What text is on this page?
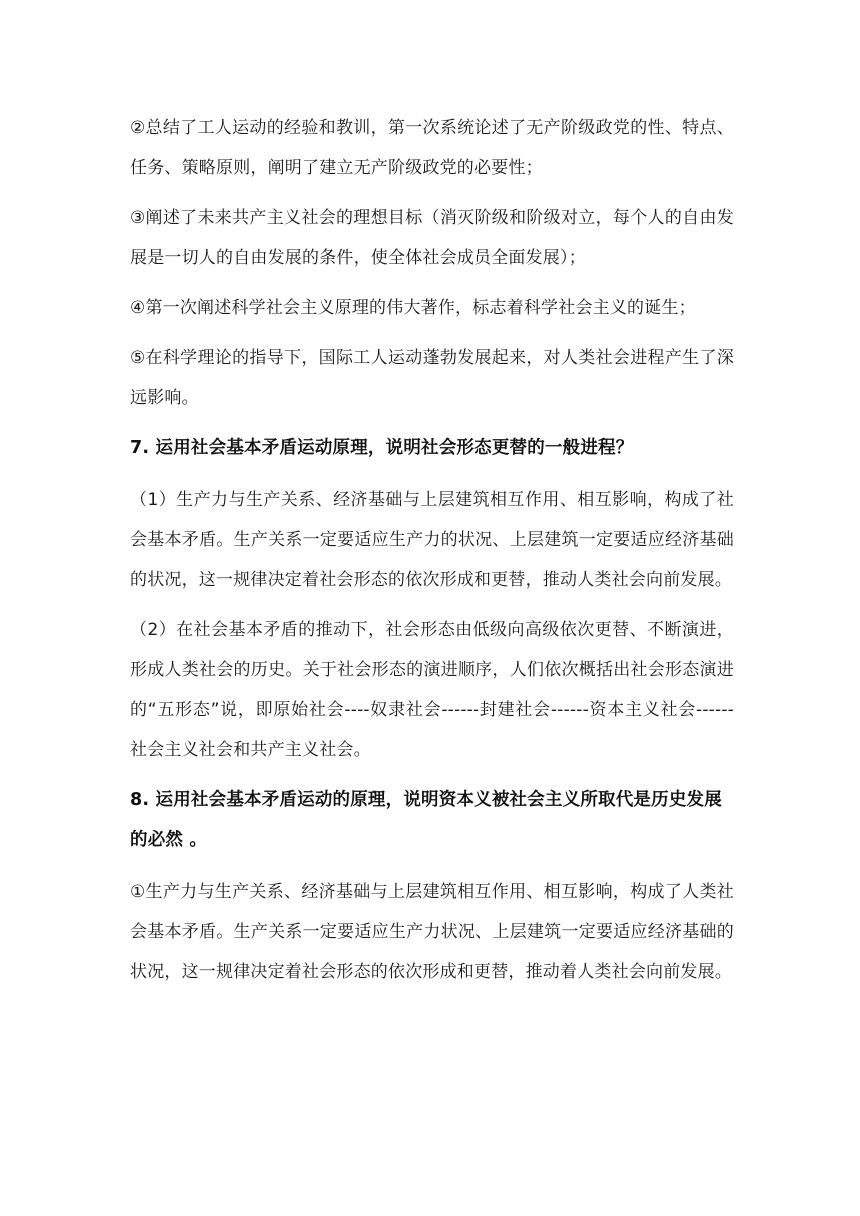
②总结了工人运动的经验和教训，第一次系统论述了无产阶级政党的性、特点、任务、策略原则，阐明了建立无产阶级政党的必要性；

③阐述了未来共产主义社会的理想目标（消灭阶级和阶级对立，每个人的自由发展是一切人的自由发展的条件，使全体社会成员全面发展）；

④第一次阐述科学社会主义原理的伟大著作，标志着科学社会主义的诞生；

⑤在科学理论的指导下，国际工人运动蓬勃发展起来，对人类社会进程产生了深远影响。

7. 运用社会基本矛盾运动原理，说明社会形态更替的一般进程？

（1）生产力与生产关系、经济基础与上层建筑相互作用、相互影响，构成了社会基本矛盾。生产关系一定要适应生产力的状况、上层建筑一定要适应经济基础的状况，这一规律决定着社会形态的依次形成和更替，推动人类社会向前发展。

（2）在社会基本矛盾的推动下，社会形态由低级向高级依次更替、不断演进，形成人类社会的历史。关于社会形态的演进顺序，人们依次概括出社会形态演进的“五形态”说，即原始社会----奴隶社会------封建社会------资本主义社会------社会主义社会和共产主义社会。

8. 运用社会基本矛盾运动的原理，说明资本义被社会主义所取代是历史发展的必然 。

①生产力与生产关系、经济基础与上层建筑相互作用、相互影响，构成了人类社会基本矛盾。生产关系一定要适应生产力状况、上层建筑一定要适应经济基础的状况，这一规律决定着社会形态的依次形成和更替，推动着人类社会向前发展。
